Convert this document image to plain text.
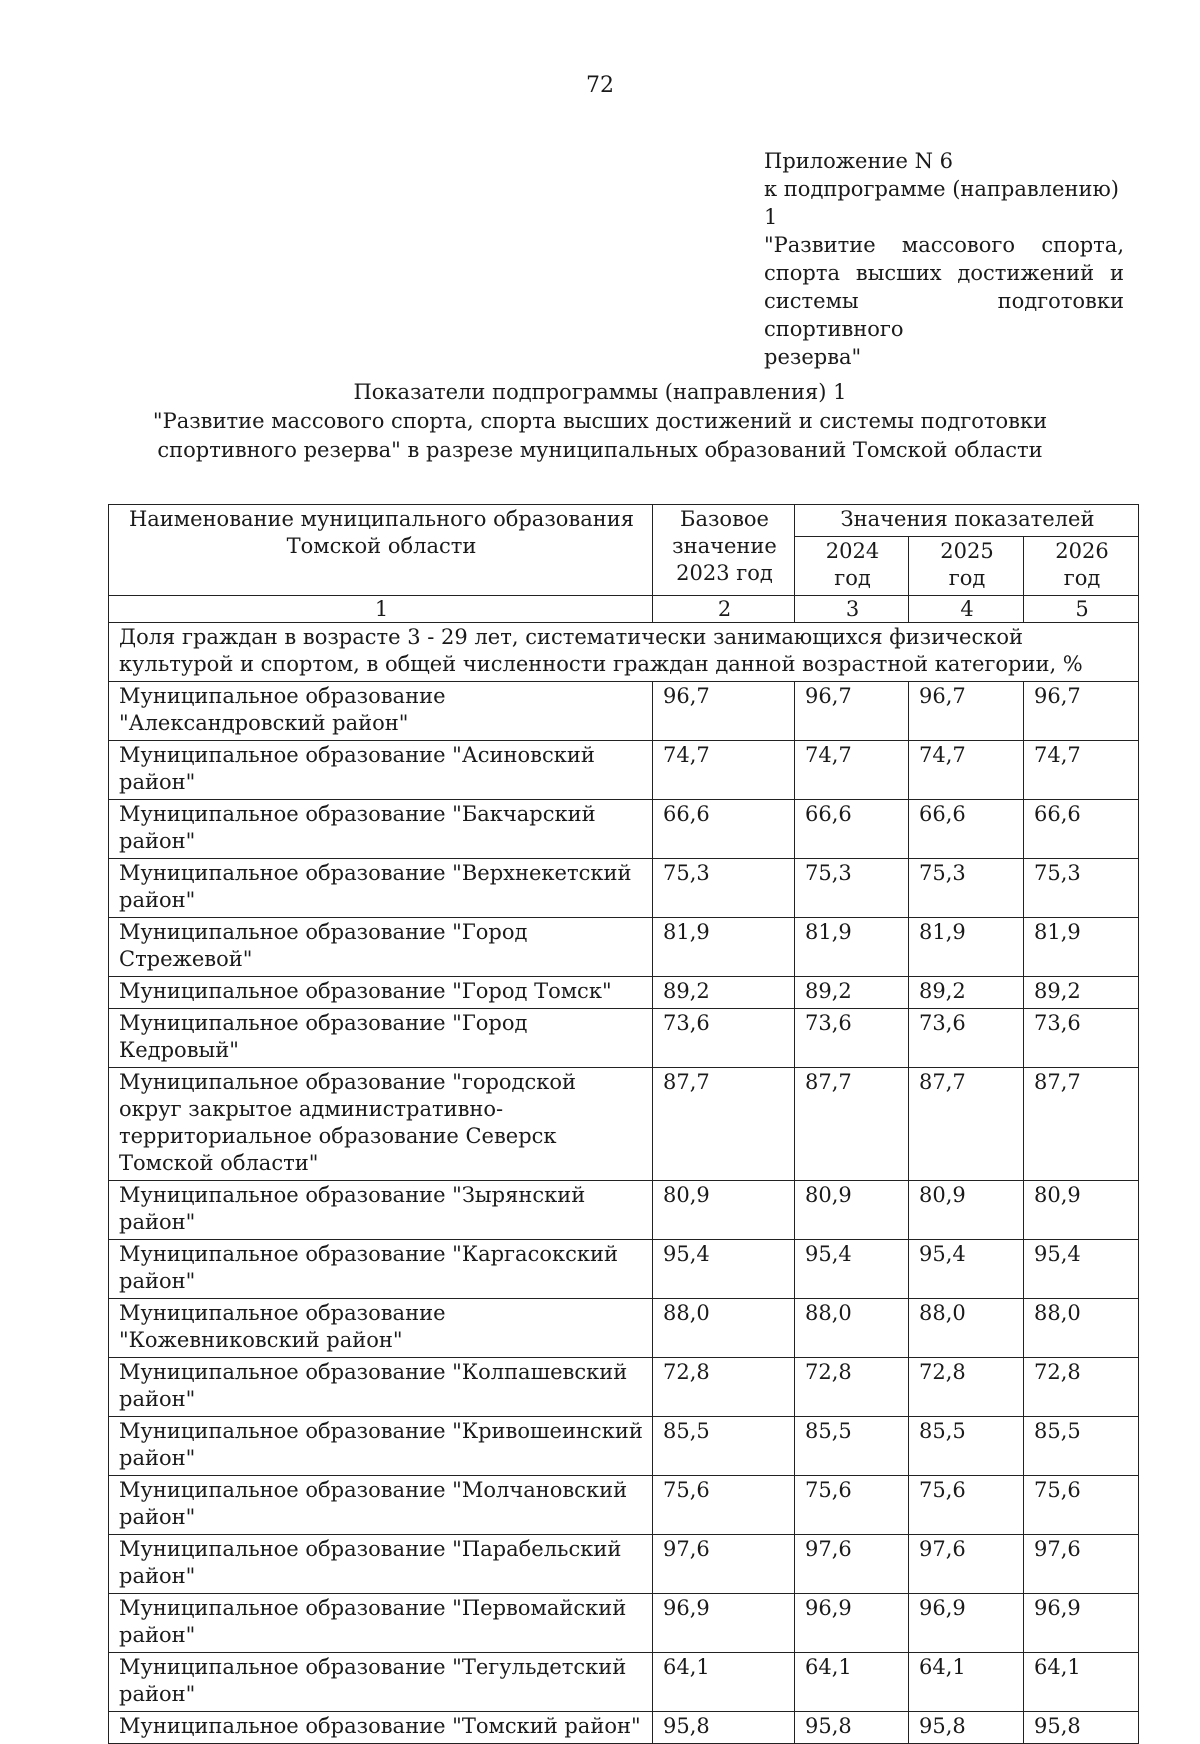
72
Приложение N 6
к подпрограмме (направлению) 1
"Развитие массового спорта,
спорта высших достижений и
системы подготовки спортивного
резерва"
Показатели подпрограммы (направления) 1
"Развитие массового спорта, спорта высших достижений и системы подготовки
спортивного резерва" в разрезе муниципальных образований Томской области
Наименование муниципального образования Томской области	Базовое значение 2023 год	Значения показателей		
		2024 год	2025 год	2026 год
1	2	3	4	5
Доля граждан в возрасте 3 - 29 лет, систематически занимающихся физической культурой и спортом, в общей численности граждан данной возрастной категории, %				
Муниципальное образование "Александровский район"	96,7	96,7	96,7	96,7
Муниципальное образование "Асиновский район"	74,7	74,7	74,7	74,7
Муниципальное образование "Бакчарский район"	66,6	66,6	66,6	66,6
Муниципальное образование "Верхнекетский район"	75,3	75,3	75,3	75,3
Муниципальное образование "Город Стрежевой"	81,9	81,9	81,9	81,9
Муниципальное образование "Город Томск"	89,2	89,2	89,2	89,2
Муниципальное образование "Город Кедровый"	73,6	73,6	73,6	73,6
Муниципальное образование "городской округ закрытое административно-территориальное образование Северск Томской области"	87,7	87,7	87,7	87,7
Муниципальное образование "Зырянский район"	80,9	80,9	80,9	80,9
Муниципальное образование "Каргасокский район"	95,4	95,4	95,4	95,4
Муниципальное образование "Кожевниковский район"	88,0	88,0	88,0	88,0
Муниципальное образование "Колпашевский район"	72,8	72,8	72,8	72,8
Муниципальное образование "Кривошеинский район"	85,5	85,5	85,5	85,5
Муниципальное образование "Молчановский район"	75,6	75,6	75,6	75,6
Муниципальное образование "Парабельский район"	97,6	97,6	97,6	97,6
Муниципальное образование "Первомайский район"	96,9	96,9	96,9	96,9
Муниципальное образование "Тегульдетский район"	64,1	64,1	64,1	64,1
Муниципальное образование "Томский район"	95,8	95,8	95,8	95,8
